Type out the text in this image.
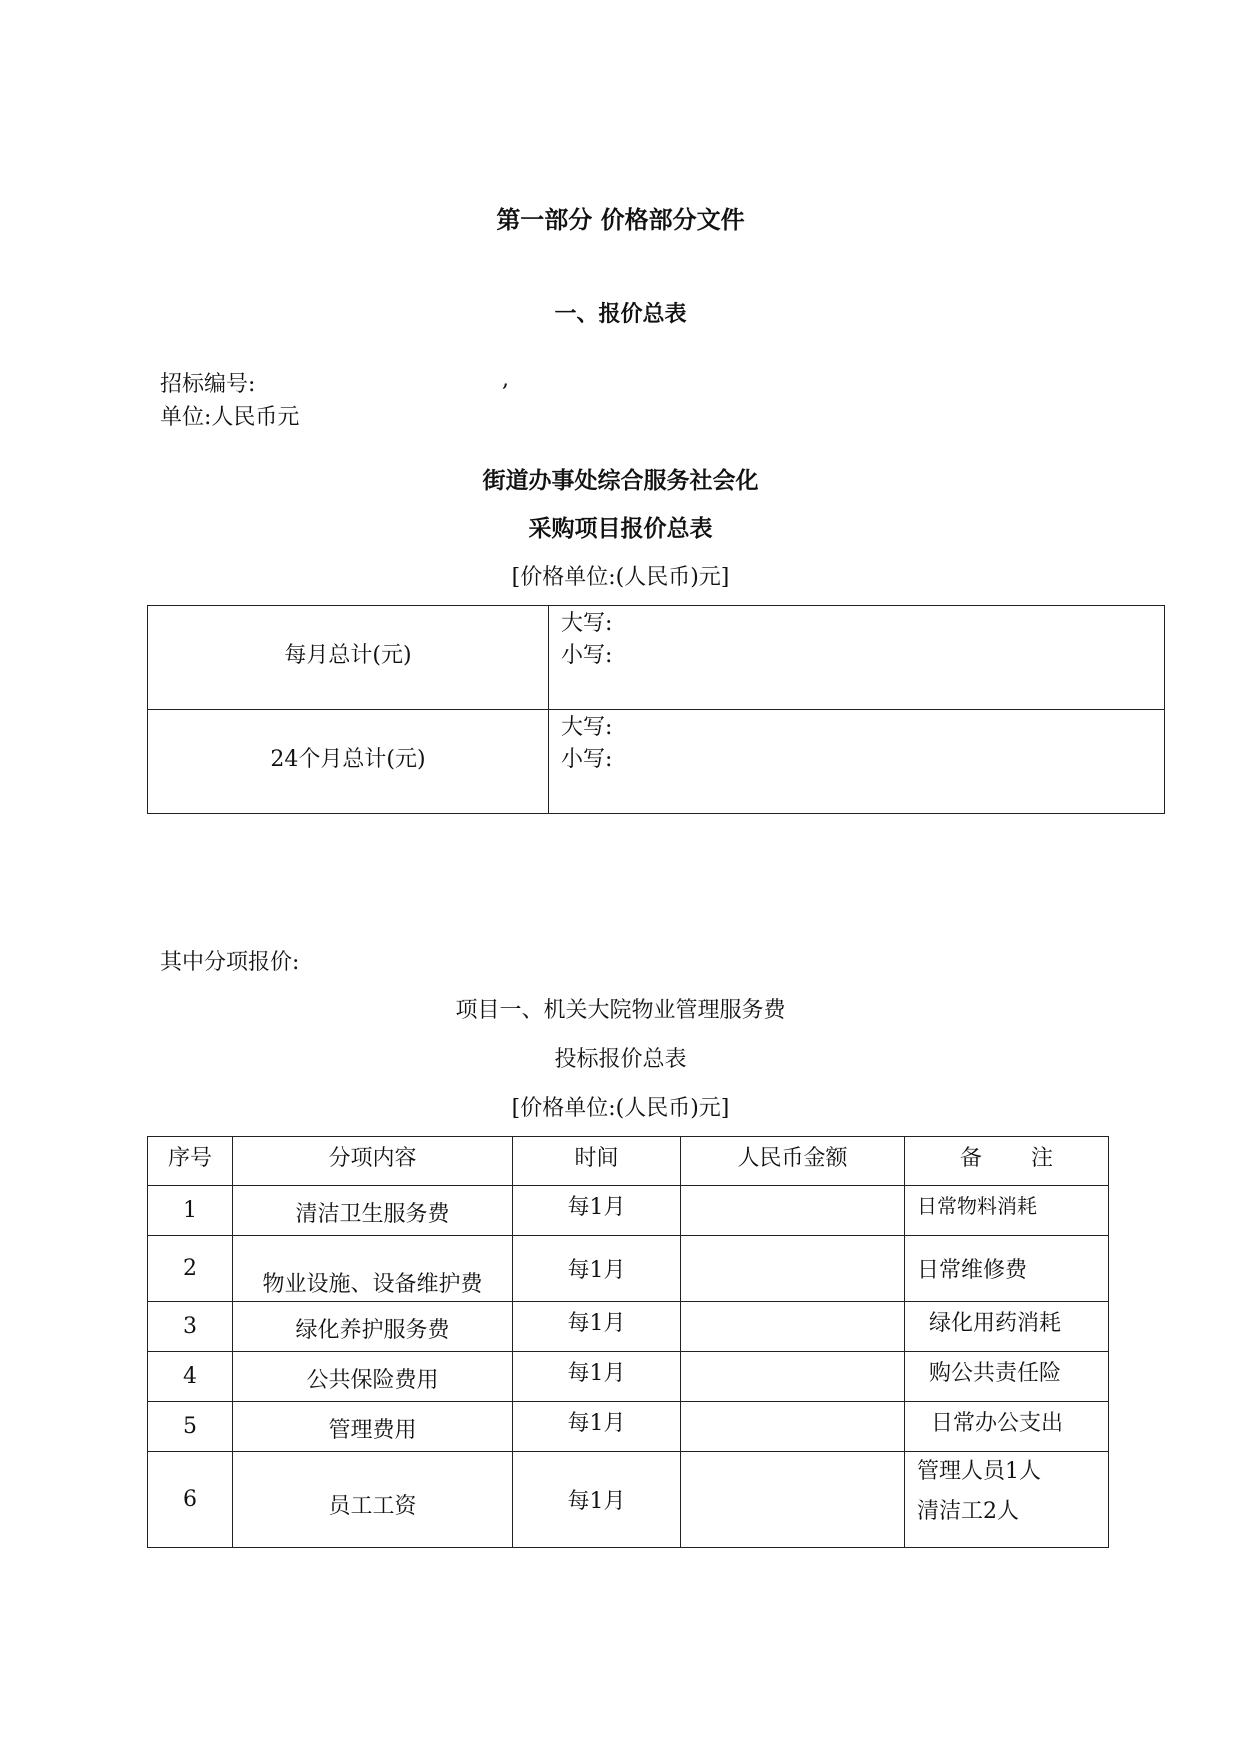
第一部分 价格部分文件
一、报价总表
招标编号:	,
单位:人民币元
街道办事处综合服务社会化
采购项目报价总表
[价格单位:(人民币)元]
每月总计(元)	大写:
小写:

24个月总计(元)	大写:
小写:
其中分项报价:
项目一、机关大院物业管理服务费
投标报价总表
[价格单位:(人民币)元]
序号	分项内容	时间	人民币金额	备       注
1	清洁卫生服务费	每1月		日常物料消耗
2	物业设施、设备维护费	每1月		日常维修费
3	绿化养护服务费	每1月		绿化用药消耗
4	公共保险费用	每1月		购公共责任险
5	管理费用	每1月		日常办公支出
6	员工工资	每1月		管理人员1人
清洁工2人
